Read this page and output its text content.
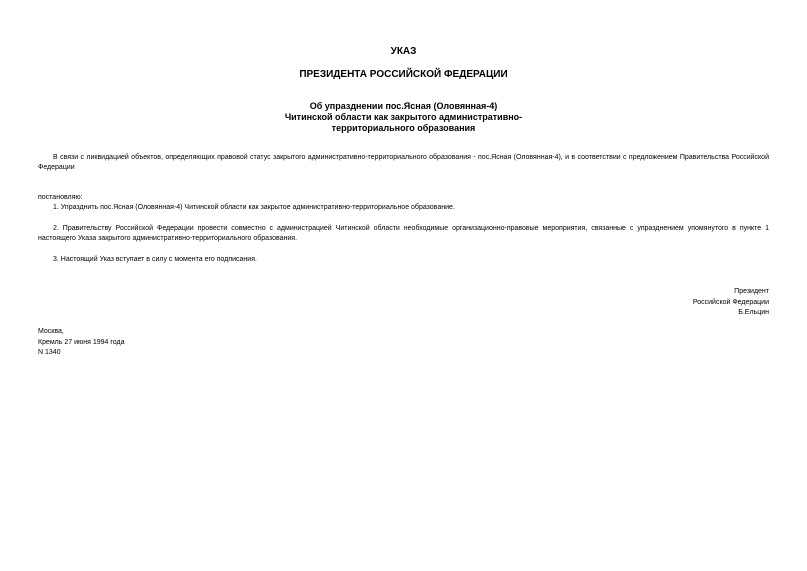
УКАЗ
ПРЕЗИДЕНТА РОССИЙСКОЙ ФЕДЕРАЦИИ
Об упразднении пос.Ясная (Оловянная-4)
Читинской области как закрытого административно-
территориального образования
В связи с ликвидацией объектов, определяющих правовой статус закрытого административно-территориального образования - пос.Ясная (Оловянная-4), и в соответствии с предложением Правительства Российской Федерации
постановляю:
1. Упразднить пос.Ясная (Оловянная-4) Читинской области как закрытое административно-территориальное образование.
2. Правительству Российской Федерации провести совместно с администрацией Читинской области необходимые организационно-правовые мероприятия, связанные с упразднением упомянутого в пункте 1 настоящего Указа закрытого административно-территориального образования.
3. Настоящий Указ вступает в силу с момента его подписания.
Президент
Российской Федерации
Б.Ельцин
Москва,
Кремль 27 июня 1994 года
N 1340
